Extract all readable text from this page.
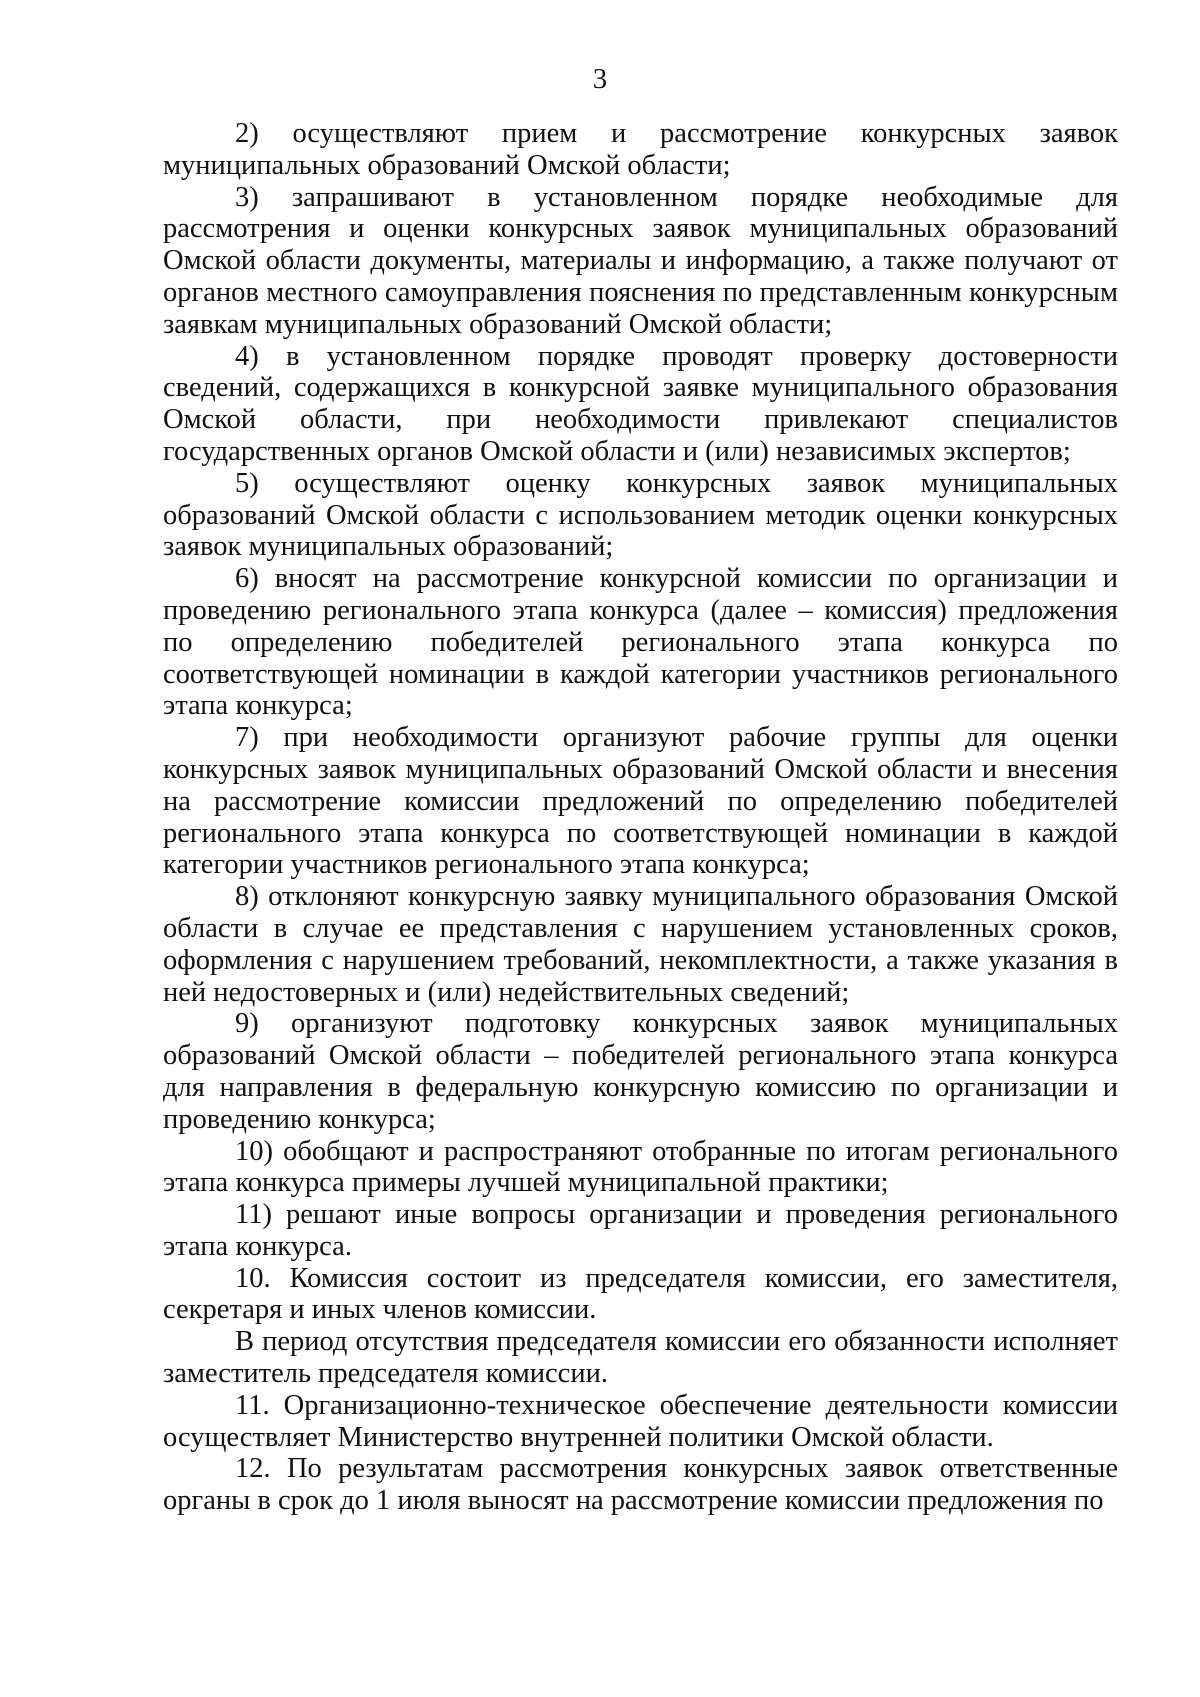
3

2) осуществляют прием и рассмотрение конкурсных заявок муниципальных образований Омской области;

3) запрашивают в установленном порядке необходимые для рассмотрения и оценки конкурсных заявок муниципальных образований Омской области документы, материалы и информацию, а также получают от органов местного самоуправления пояснения по представленным конкурсным заявкам муниципальных образований Омской области;

4) в установленном порядке проводят проверку достоверности сведений, содержащихся в конкурсной заявке муниципального образования Омской области, при необходимости привлекают специалистов государственных органов Омской области и (или) независимых экспертов;

5) осуществляют оценку конкурсных заявок муниципальных образований Омской области с использованием методик оценки конкурсных заявок муниципальных образований;

6) вносят на рассмотрение конкурсной комиссии по организации и проведению регионального этапа конкурса (далее – комиссия) предложения по определению победителей регионального этапа конкурса по соответствующей номинации в каждой категории участников регионального этапа конкурса;

7) при необходимости организуют рабочие группы для оценки конкурсных заявок муниципальных образований Омской области и внесения на рассмотрение комиссии предложений по определению победителей регионального этапа конкурса по соответствующей номинации в каждой категории участников регионального этапа конкурса;

8) отклоняют конкурсную заявку муниципального образования Омской области в случае ее представления с нарушением установленных сроков, оформления с нарушением требований, некомплектности, а также указания в ней недостоверных и (или) недействительных сведений;

9) организуют подготовку конкурсных заявок муниципальных образований Омской области – победителей регионального этапа конкурса для направления в федеральную конкурсную комиссию по организации и проведению конкурса;

10) обобщают и распространяют отобранные по итогам регионального этапа конкурса примеры лучшей муниципальной практики;

11) решают иные вопросы организации и проведения регионального этапа конкурса.

10. Комиссия состоит из председателя комиссии, его заместителя, секретаря и иных членов комиссии.

В период отсутствия председателя комиссии его обязанности исполняет заместитель председателя комиссии.

11. Организационно-техническое обеспечение деятельности комиссии осуществляет Министерство внутренней политики Омской области.

12. По результатам рассмотрения конкурсных заявок ответственные органы в срок до 1 июля выносят на рассмотрение комиссии предложения по
